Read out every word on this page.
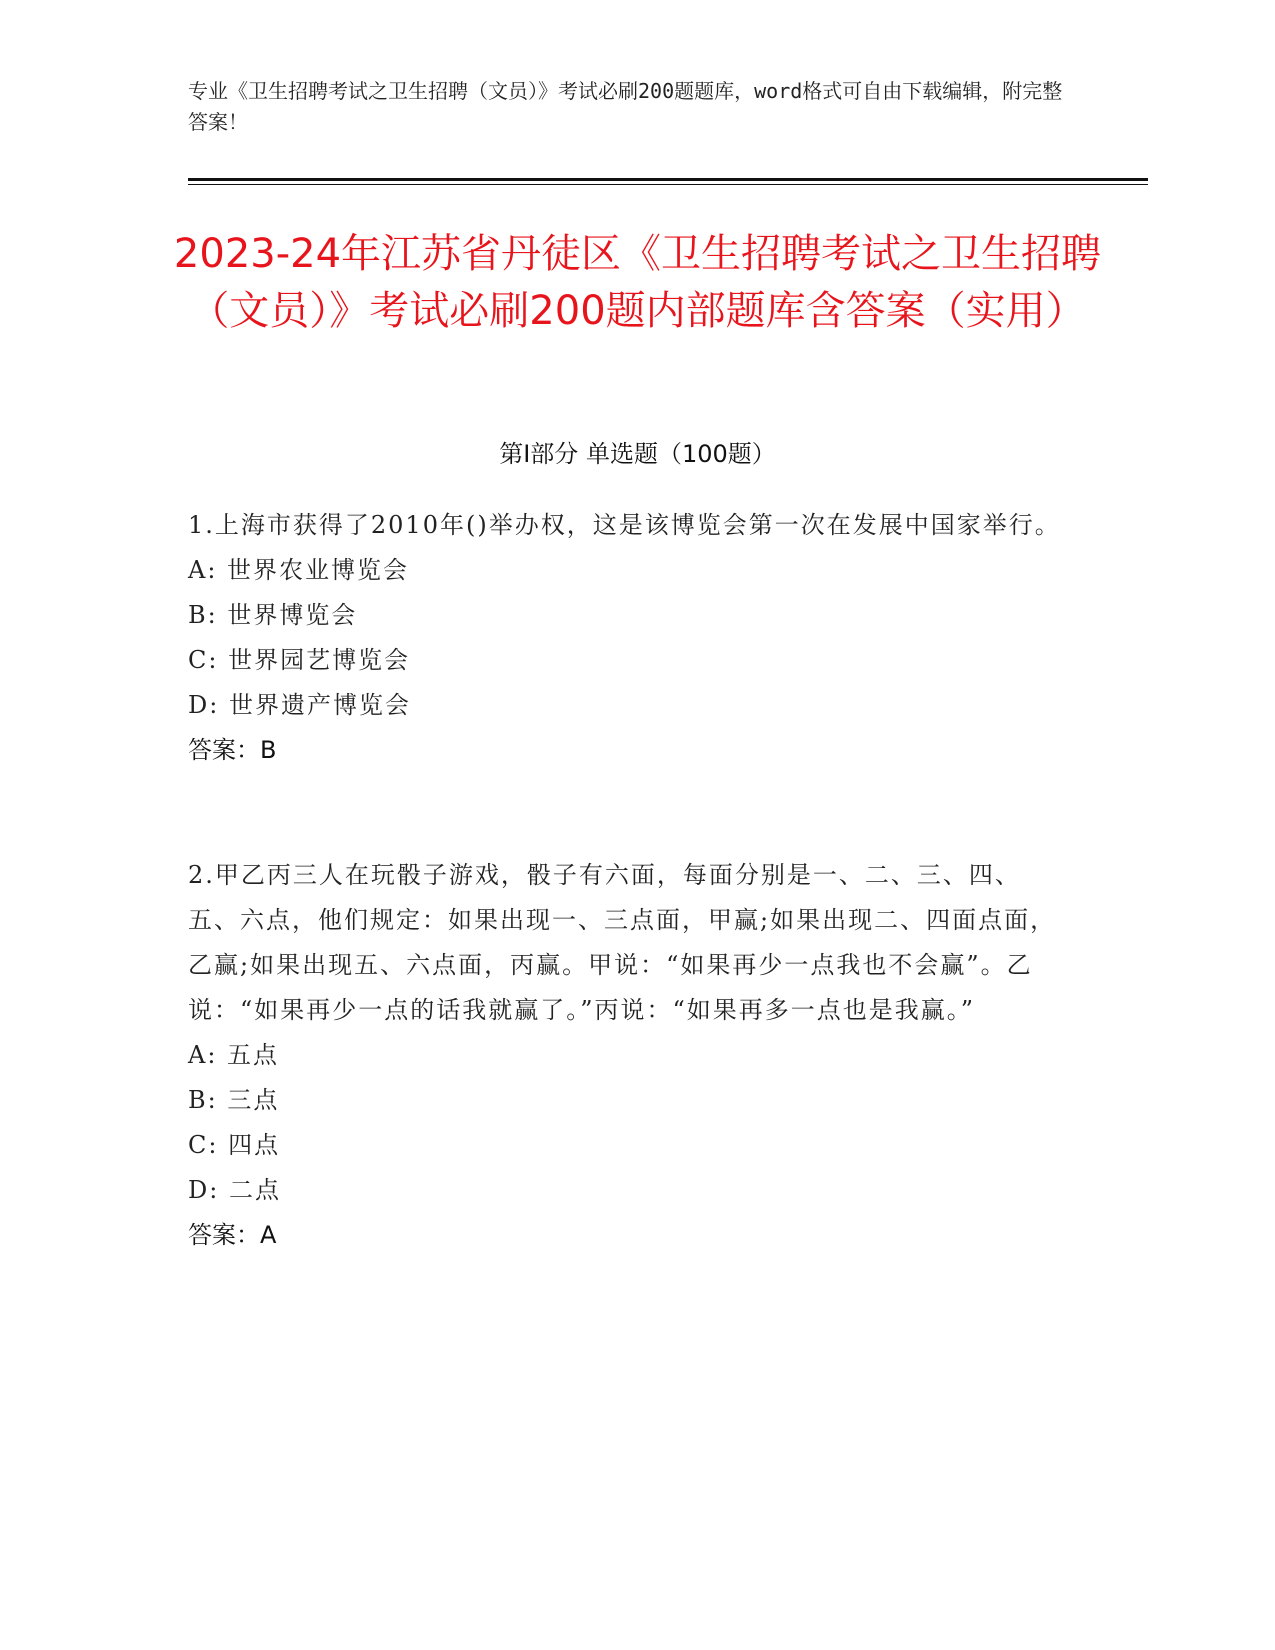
专业《卫生招聘考试之卫生招聘（文员）》考试必刷200题题库，word格式可自由下载编辑，附完整答案！
2023-24年江苏省丹徒区《卫生招聘考试之卫生招聘（文员）》考试必刷200题内部题库含答案（实用）
第Ⅰ部分 单选题（100题）
1.上海市获得了2010年()举办权，这是该博览会第一次在发展中国家举行。
A: 世界农业博览会
B: 世界博览会
C: 世界园艺博览会
D: 世界遗产博览会
答案：B
2.甲乙丙三人在玩骰子游戏，骰子有六面，每面分别是一、二、三、四、五、六点，他们规定：如果出现一、三点面，甲赢;如果出现二、四面点面，乙赢;如果出现五、六点面，丙赢。甲说：“如果再少一点我也不会赢”。乙说：“如果再少一点的话我就赢了。”丙说：“如果再多一点也是我赢。”
A: 五点
B: 三点
C: 四点
D: 二点
答案：A
